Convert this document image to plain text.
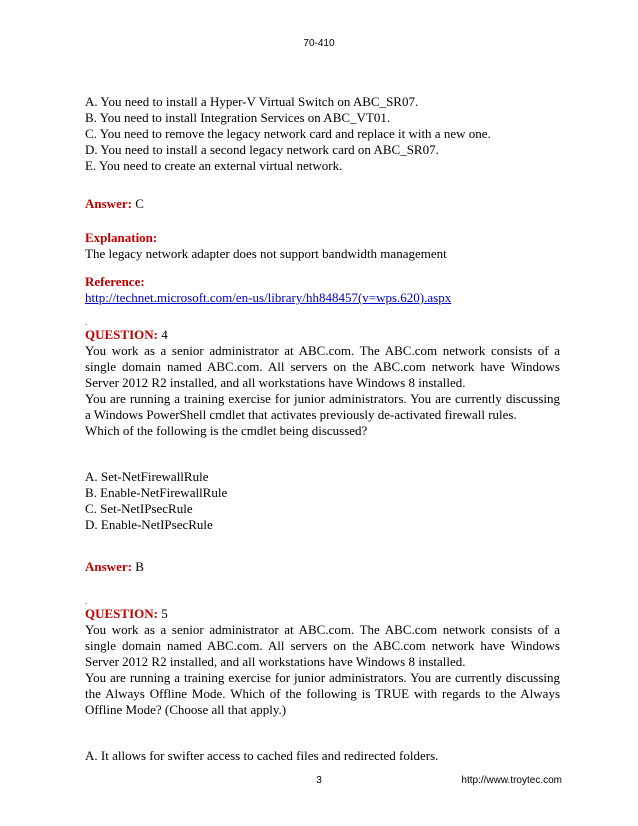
70-410
A. You need to install a Hyper-V Virtual Switch on ABC_SR07.
B. You need to install Integration Services on ABC_VT01.
C. You need to remove the legacy network card and replace it with a new one.
D. You need to install a second legacy network card on ABC_SR07.
E. You need to create an external virtual network.
Answer: C
Explanation:
The legacy network adapter does not support bandwidth management
Reference:
http://technet.microsoft.com/en-us/library/hh848457(v=wps.620).aspx
.
QUESTION: 4
You work as a senior administrator at ABC.com. The ABC.com network consists of a single domain named ABC.com. All servers on the ABC.com network have Windows Server 2012 R2 installed, and all workstations have Windows 8 installed.
You are running a training exercise for junior administrators. You are currently discussing a Windows PowerShell cmdlet that activates previously de-activated firewall rules.
Which of the following is the cmdlet being discussed?
A. Set-NetFirewallRule
B. Enable-NetFirewallRule
C. Set-NetIPsecRule
D. Enable-NetIPsecRule
Answer: B
.
QUESTION: 5
You work as a senior administrator at ABC.com. The ABC.com network consists of a single domain named ABC.com. All servers on the ABC.com network have Windows Server 2012 R2 installed, and all workstations have Windows 8 installed.
You are running a training exercise for junior administrators. You are currently discussing the Always Offline Mode. Which of the following is TRUE with regards to the Always Offline Mode? (Choose all that apply.)
A. It allows for swifter access to cached files and redirected folders.
3	http://www.troytec.com
